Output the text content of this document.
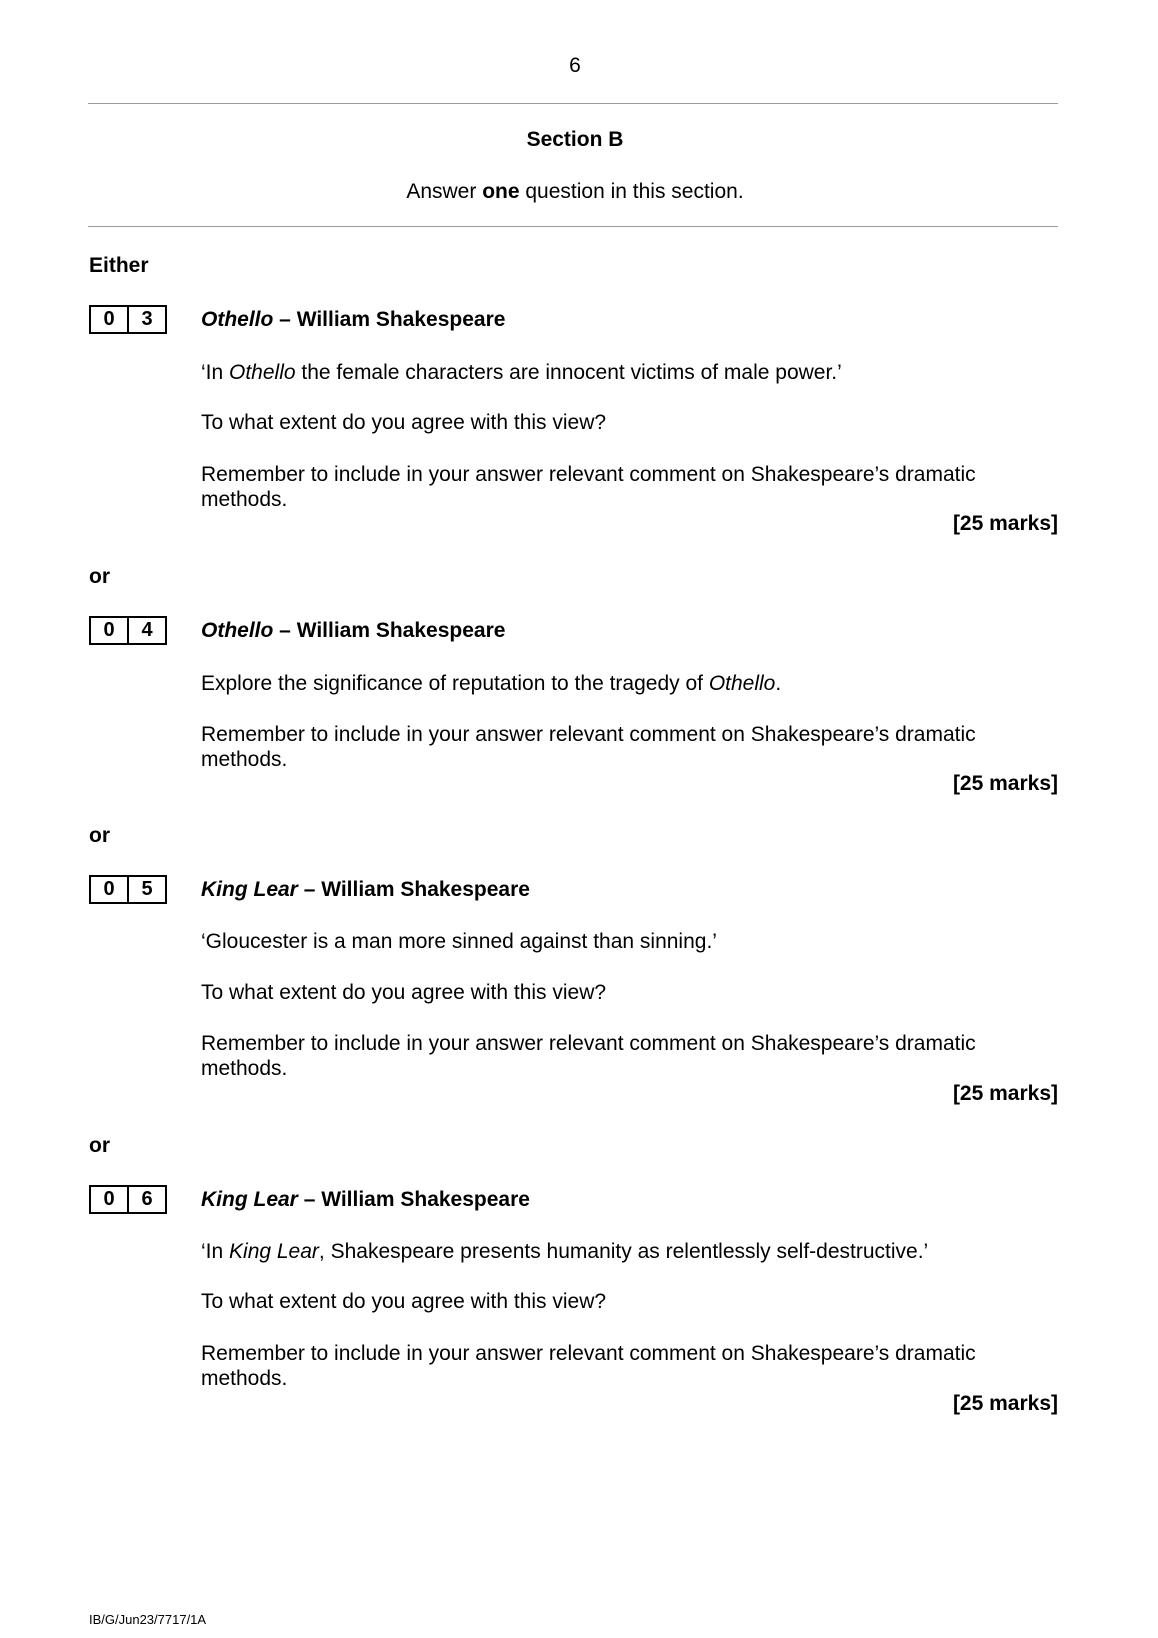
6
Section B
Answer one question in this section.
Either
0	3	Othello – William Shakespeare
‘In Othello the female characters are innocent victims of male power.’
To what extent do you agree with this view?
Remember to include in your answer relevant comment on Shakespeare’s dramatic
methods.
[25 marks]
or
0	4	Othello – William Shakespeare
Explore the significance of reputation to the tragedy of Othello.
Remember to include in your answer relevant comment on Shakespeare’s dramatic
methods.
[25 marks]
or
0	5	King Lear – William Shakespeare
‘Gloucester is a man more sinned against than sinning.’
To what extent do you agree with this view?
Remember to include in your answer relevant comment on Shakespeare’s dramatic
methods.
[25 marks]
or
0	6	King Lear – William Shakespeare
‘In King Lear, Shakespeare presents humanity as relentlessly self-destructive.’
To what extent do you agree with this view?
Remember to include in your answer relevant comment on Shakespeare’s dramatic
methods.
[25 marks]
IB/G/Jun23/7717/1A
